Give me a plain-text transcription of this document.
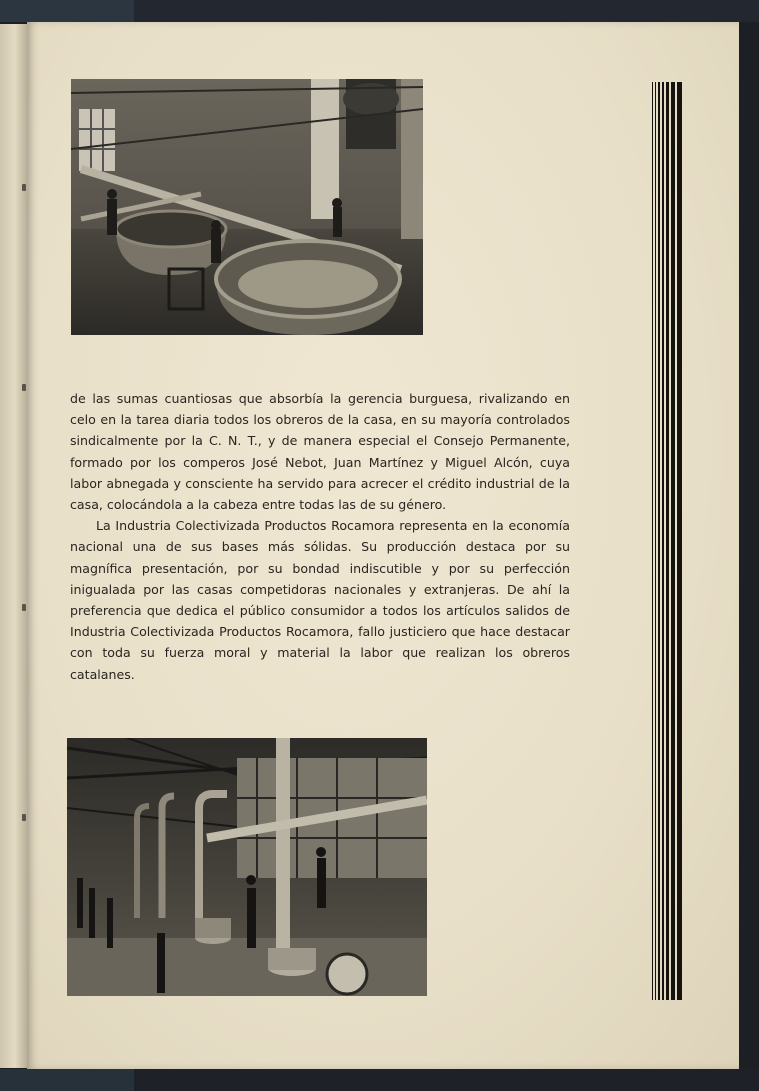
de las sumas cuantiosas que absorbía la gerencia burguesa, rivalizando en celo en la tarea diaria todos los obreros de la casa, en su mayoría controlados sindicalmente por la C. N. T., y de manera especial el Consejo Permanente, formado por los comperos José Nebot, Juan Martínez y Miguel Alcón, cuya labor abnegada y consciente ha servido para acrecer el crédito industrial de la casa, colocándola a la cabeza entre todas las de su género.

La Industria Colectivizada Productos Rocamora representa en la economía nacional una de sus bases más sólidas. Su producción destaca por su magnífica presentación, por su bondad indiscutible y por su perfección inigualada por las casas competidoras nacionales y extranjeras. De ahí la preferencia que dedica el público consumidor a todos los artículos salidos de Industria Colectivizada Productos Rocamora, fallo justiciero que hace destacar con toda su fuerza moral y material la labor que realizan los obreros catalanes.
